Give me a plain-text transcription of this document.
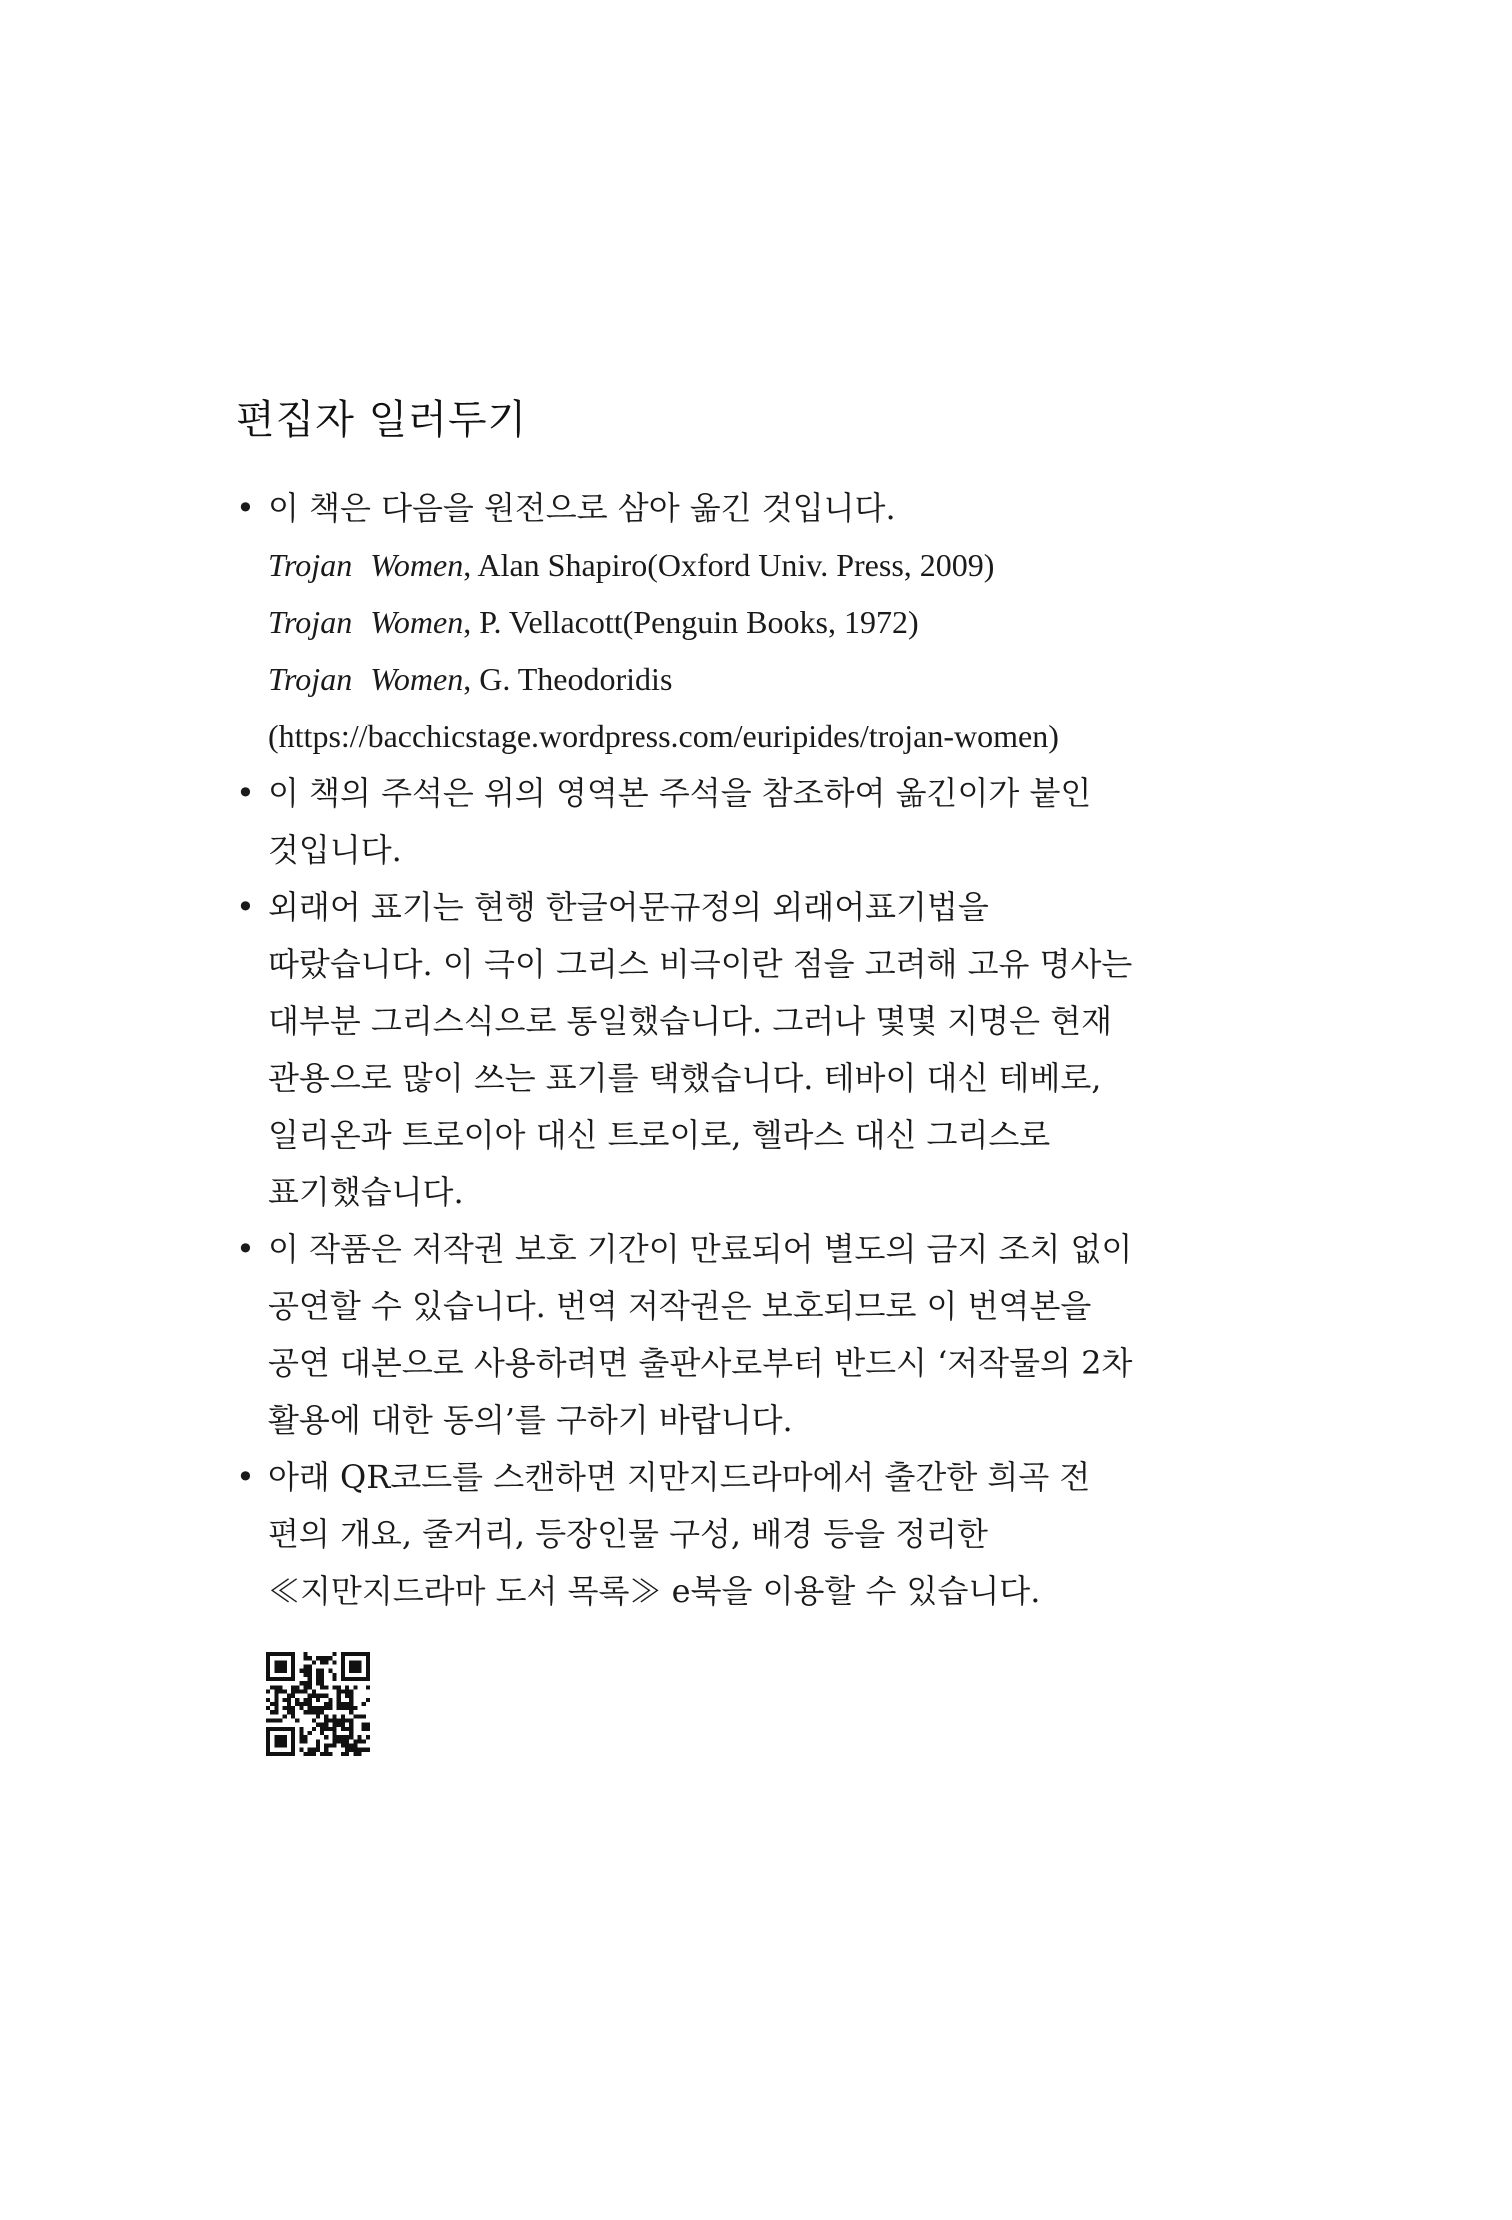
편집자 일러두기
• 이 책은 다음을 원전으로 삼아 옮긴 것입니다.
Trojan Women, Alan Shapiro(Oxford Univ. Press, 2009)
Trojan Women, P. Vellacott(Penguin Books, 1972)
Trojan Women, G. Theodoridis
(https://bacchicstage.wordpress.com/euripides/trojan-women)
• 이 책의 주석은 위의 영역본 주석을 참조하여 옮긴이가 붙인
것입니다.
• 외래어 표기는 현행 한글어문규정의 외래어표기법을
따랐습니다. 이 극이 그리스 비극이란 점을 고려해 고유 명사는
대부분 그리스식으로 통일했습니다. 그러나 몇몇 지명은 현재
관용으로 많이 쓰는 표기를 택했습니다. 테바이 대신 테베로,
일리온과 트로이아 대신 트로이로, 헬라스 대신 그리스로
표기했습니다.
• 이 작품은 저작권 보호 기간이 만료되어 별도의 금지 조치 없이
공연할 수 있습니다. 번역 저작권은 보호되므로 이 번역본을
공연 대본으로 사용하려면 출판사로부터 반드시 ‘저작물의 2차
활용에 대한 동의’를 구하기 바랍니다.
• 아래 QR코드를 스캔하면 지만지드라마에서 출간한 희곡 전
편의 개요, 줄거리, 등장인물 구성, 배경 등을 정리한
≪지만지드라마 도서 목록≫ e북을 이용할 수 있습니다.
